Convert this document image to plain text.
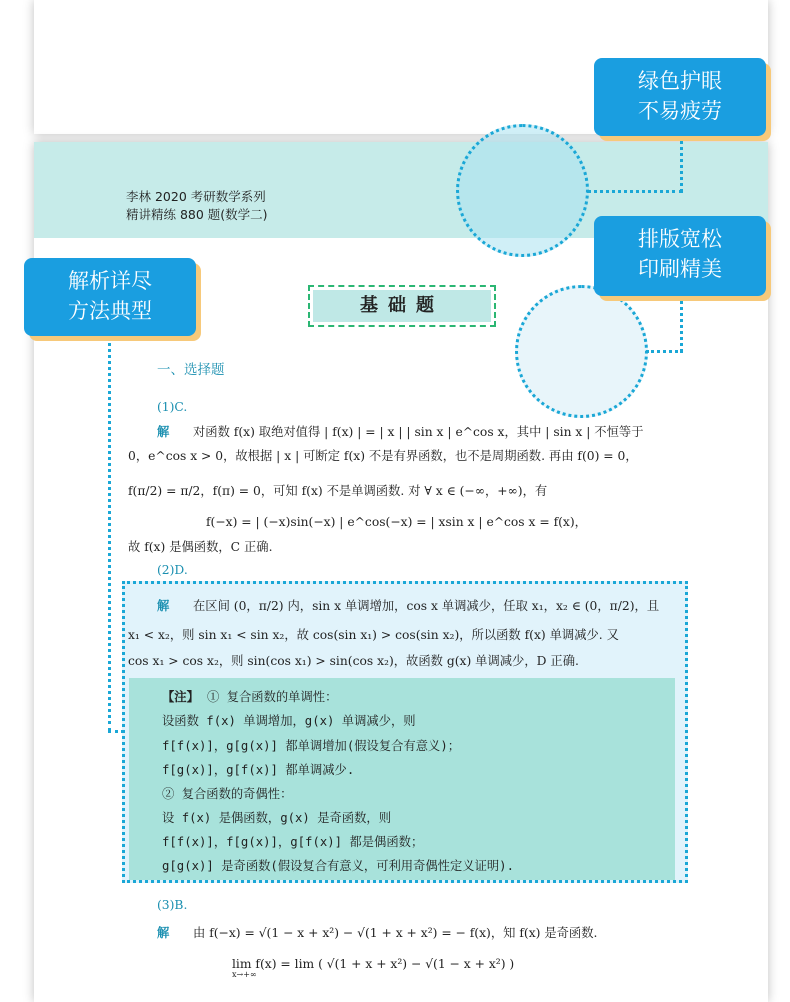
李林 2020 考研数学系列
精讲精练 880 题(数学二)
绿色护眼
不易疲劳
排版宽松
印刷精美
解析详尽
方法典型	基础题
一、选择题
(1)C.
解 对函数 f(x) 取绝对值得 | f(x) | = | x | | sin x | e^cos x，其中 | sin x | 不恒等于
0，e^cos x > 0，故根据 | x | 可断定 f(x) 不是有界函数，也不是周期函数. 再由 f(0) = 0，
f(π/2) = π/2，f(π) = 0，可知 f(x) 不是单调函数. 对 ∀ x ∈ (−∞，+∞)，有
f(−x) = | (−x)sin(−x) | e^cos(−x) = | xsin x | e^cos x = f(x)，
故 f(x) 是偶函数，C 正确.
(2)D.
解 在区间 (0，π/2) 内，sin x 单调增加，cos x 单调减少，任取 x₁，x₂ ∈ (0，π/2)，且
x₁ < x₂，则 sin x₁ < sin x₂，故 cos(sin x₁) > cos(sin x₂)，所以函数 f(x) 单调减少. 又
cos x₁ > cos x₂，则 sin(cos x₁) > sin(cos x₂)，故函数 g(x) 单调减少，D 正确.
【注】 ① 复合函数的单调性：
设函数 f(x) 单调增加，g(x) 单调减少，则
f[f(x)]，g[g(x)] 都单调增加(假设复合有意义)；
f[g(x)]，g[f(x)] 都单调减少.
② 复合函数的奇偶性：
设 f(x) 是偶函数，g(x) 是奇函数，则
f[f(x)]，f[g(x)]，g[f(x)] 都是偶函数；
g[g(x)] 是奇函数(假设复合有意义，可利用奇偶性定义证明).
(3)B.
解 由 f(−x) = √(1 − x + x²) − √(1 + x + x²) = − f(x)，知 f(x) 是奇函数.
lim f(x) = lim ( √(1 + x + x²) − √(1 − x + x²) )
x→+∞
